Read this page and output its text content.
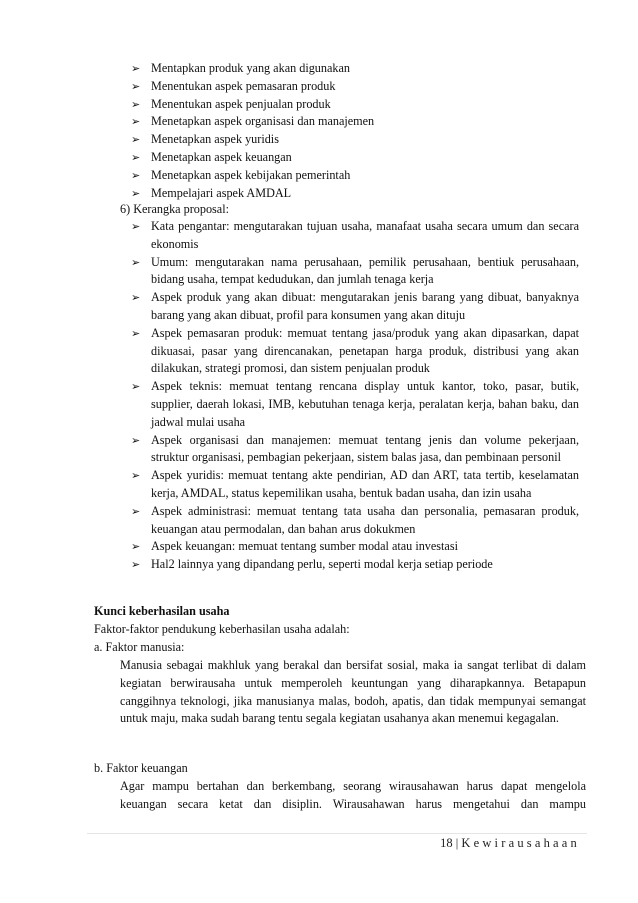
➢ Mentapkan produk yang akan digunakan
➢ Menentukan aspek pemasaran produk
➢ Menentukan aspek penjualan produk
➢ Menetapkan aspek organisasi dan manajemen
➢ Menetapkan aspek yuridis
➢ Menetapkan aspek keuangan
➢ Menetapkan aspek kebijakan pemerintah
➢ Mempelajari aspek AMDAL
6) Kerangka proposal:
➢ Kata pengantar: mengutarakan tujuan usaha, manafaat usaha secara umum dan secara ekonomis
➢ Umum: mengutarakan nama perusahaan, pemilik perusahaan, bentiuk perusahaan, bidang usaha, tempat kedudukan, dan jumlah tenaga kerja
➢ Aspek produk yang akan dibuat: mengutarakan jenis barang yang dibuat, banyaknya barang yang akan dibuat, profil para konsumen yang akan dituju
➢ Aspek pemasaran produk: memuat tentang jasa/produk yang akan dipasarkan, dapat dikuasai, pasar yang direncanakan, penetapan harga produk, distribusi yang akan dilakukan, strategi promosi, dan sistem penjualan produk
➢ Aspek teknis: memuat tentang rencana display untuk kantor, toko, pasar, butik, supplier, daerah lokasi, IMB, kebutuhan tenaga kerja, peralatan kerja, bahan baku, dan jadwal mulai usaha
➢ Aspek organisasi dan manajemen: memuat tentang jenis dan volume pekerjaan, struktur organisasi, pembagian pekerjaan, sistem balas jasa, dan pembinaan personil
➢ Aspek yuridis: memuat tentang akte pendirian, AD dan ART, tata tertib, keselamatan kerja, AMDAL, status kepemilikan usaha, bentuk badan usaha, dan izin usaha
➢ Aspek administrasi: memuat tentang tata usaha dan personalia, pemasaran produk, keuangan atau permodalan, dan bahan arus dokukmen
➢ Aspek keuangan: memuat tentang sumber modal atau investasi
➢ Hal2 lainnya yang dipandang perlu, seperti modal kerja setiap periode
Kunci keberhasilan usaha
Faktor-faktor pendukung keberhasilan usaha adalah:
a. Faktor manusia:
Manusia sebagai makhluk yang berakal dan bersifat sosial, maka ia sangat terlibat di dalam kegiatan berwirausaha untuk memperoleh keuntungan yang diharapkannya. Betapapun canggihnya teknologi, jika manusianya malas, bodoh, apatis, dan tidak mempunyai semangat untuk maju, maka sudah barang tentu segala kegiatan usahanya akan menemui kegagalan.
b. Faktor keuangan
Agar mampu bertahan dan berkembang, seorang wirausahawan harus dapat mengelola keuangan secara ketat dan disiplin. Wirausahawan harus mengetahui dan mampu
18 | Kewirausahaan
